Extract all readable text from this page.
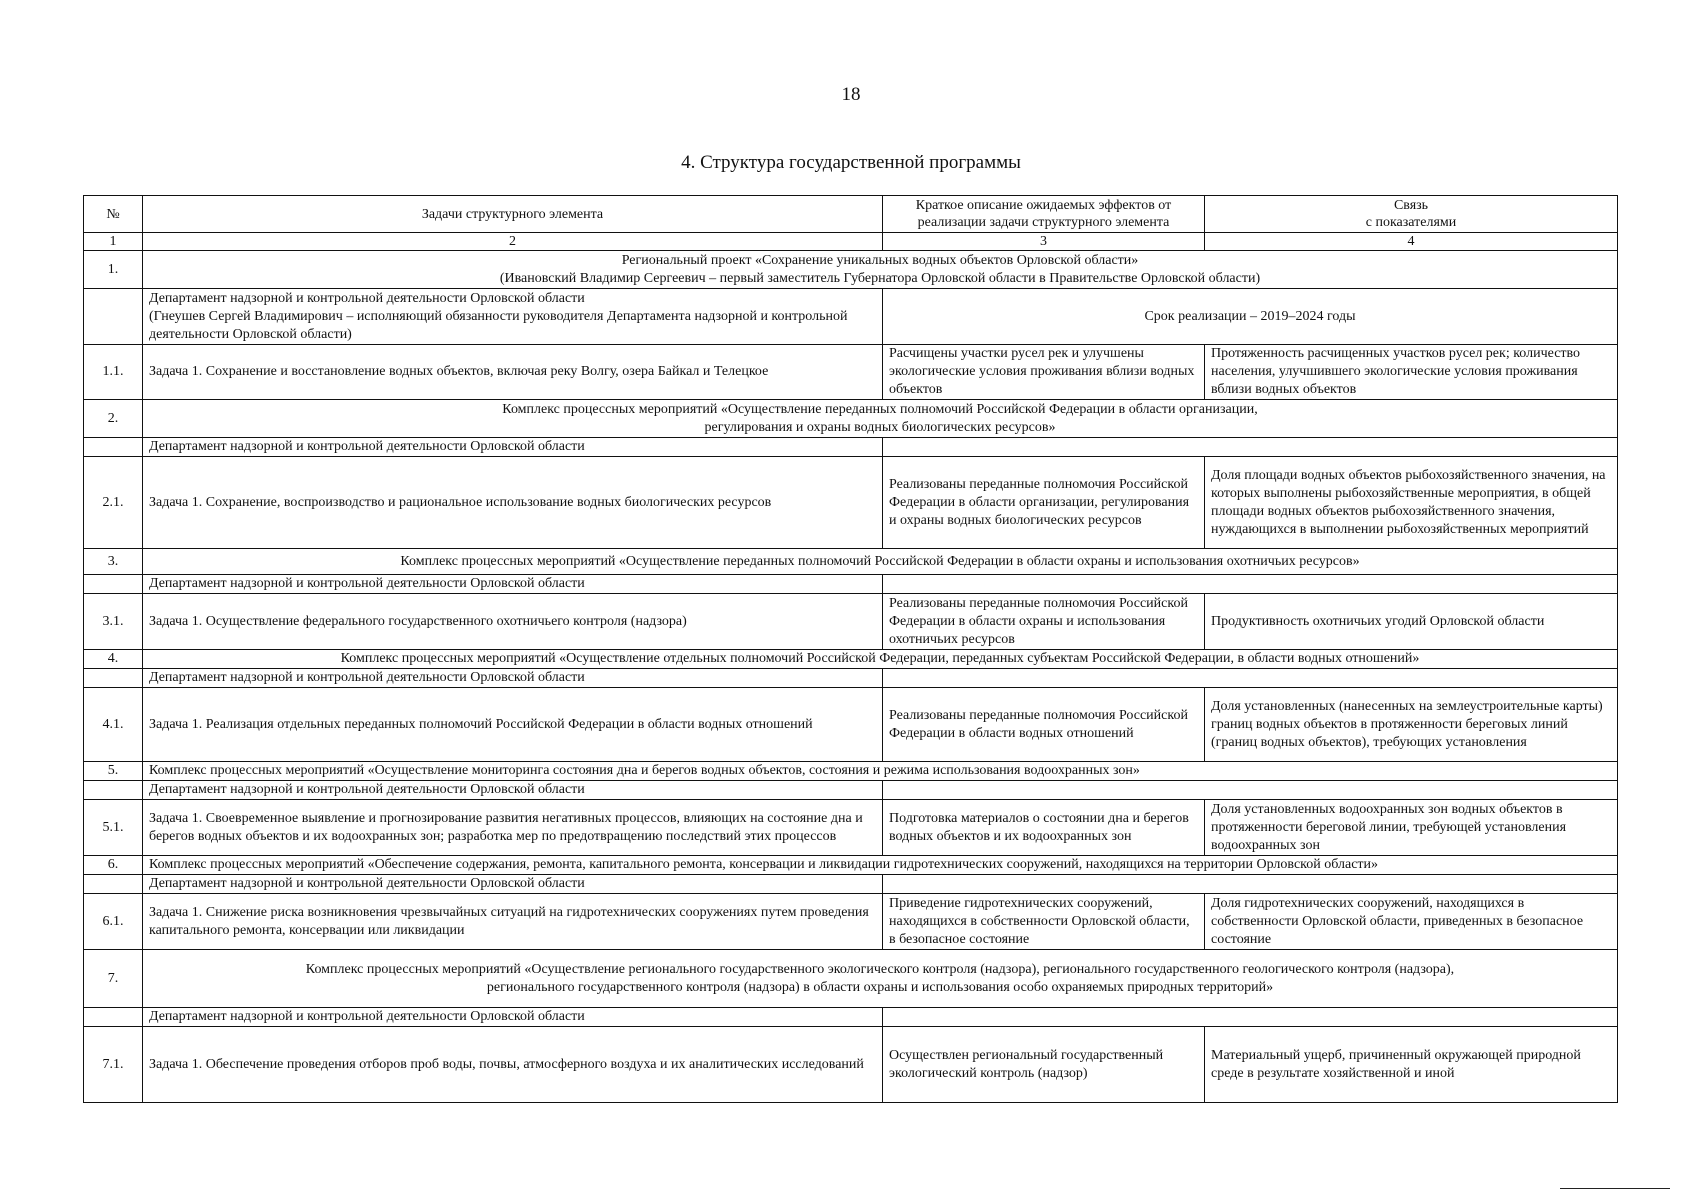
18
4. Структура государственной программы
№	Задачи структурного элемента	Краткое описание ожидаемых эффектов от реализации задачи структурного элемента	Связь
с показателями
1	2	3	4
1.	Региональный проект «Сохранение уникальных водных объектов Орловской области»
(Ивановский Владимир Сергеевич – первый заместитель Губернатора Орловской области в Правительстве Орловской области)		
	Департамент надзорной и контрольной деятельности Орловской области
(Гнеушев Сергей Владимирович – исполняющий обязанности руководителя Департамента надзорной и контрольной деятельности Орловской области)	Срок реализации – 2019–2024 годы	
1.1.	Задача 1. Сохранение и восстановление водных объектов, включая реку Волгу, озера Байкал и Телецкое	Расчищены участки русел рек и улучшены экологические условия проживания вблизи водных объектов	Протяженность расчищенных участков русел рек; количество населения, улучшившего экологические условия проживания вблизи водных объектов
2.	Комплекс процессных мероприятий «Осуществление переданных полномочий Российской Федерации в области организации,
регулирования и охраны водных биологических ресурсов»		
	Департамент надзорной и контрольной деятельности Орловской области		
2.1.	Задача 1. Сохранение, воспроизводство и рациональное использование водных биологических ресурсов	Реализованы переданные полномочия Российской Федерации в области организации, регулирования и охраны водных биологических ресурсов	Доля площади водных объектов рыбохозяйственного значения, на которых выполнены рыбохозяйственные мероприятия, в общей площади водных объектов рыбохозяйственного значения, нуждающихся в выполнении рыбохозяйственных мероприятий
3.	Комплекс процессных мероприятий «Осуществление переданных полномочий Российской Федерации в области охраны и использования охотничьих ресурсов»		
	Департамент надзорной и контрольной деятельности Орловской области		
3.1.	Задача 1. Осуществление федерального государственного охотничьего контроля (надзора)	Реализованы переданные полномочия Российской Федерации в области охраны и использования охотничьих ресурсов	Продуктивность охотничьих угодий Орловской области
4.	Комплекс процессных мероприятий «Осуществление отдельных полномочий Российской Федерации, переданных субъектам Российской Федерации, в области водных отношений»		
	Департамент надзорной и контрольной деятельности Орловской области		
4.1.	Задача 1. Реализация отдельных переданных полномочий Российской Федерации в области водных отношений	Реализованы переданные полномочия Российской Федерации в области водных отношений	Доля установленных (нанесенных на землеустроительные карты) границ водных объектов в протяженности береговых линий (границ водных объектов), требующих установления
5.	Комплекс процессных мероприятий «Осуществление мониторинга состояния дна и берегов водных объектов, состояния и режима использования водоохранных зон»		
	Департамент надзорной и контрольной деятельности Орловской области		
5.1.	Задача 1. Своевременное выявление и прогнозирование развития негативных процессов, влияющих на состояние дна и берегов водных объектов и их водоохранных зон; разработка мер по предотвращению последствий этих процессов	Подготовка материалов о состоянии дна и берегов водных объектов и их водоохранных зон	Доля установленных водоохранных зон водных объектов в протяженности береговой линии, требующей установления водоохранных зон
6.	Комплекс процессных мероприятий «Обеспечение содержания, ремонта, капитального ремонта, консервации и ликвидации гидротехнических сооружений, находящихся на территории Орловской области»		
	Департамент надзорной и контрольной деятельности Орловской области		
6.1.	Задача 1. Снижение риска возникновения чрезвычайных ситуаций на гидротехнических сооружениях путем проведения капитального ремонта, консервации или ликвидации	Приведение гидротехнических сооружений, находящихся в собственности Орловской области, в безопасное состояние	Доля гидротехнических сооружений, находящихся в собственности Орловской области, приведенных в безопасное состояние
7.	Комплекс процессных мероприятий «Осуществление регионального государственного экологического контроля (надзора), регионального государственного геологического контроля (надзора),
регионального государственного контроля (надзора) в области охраны и использования особо охраняемых природных территорий»		
	Департамент надзорной и контрольной деятельности Орловской области		
7.1.	Задача 1. Обеспечение проведения отборов проб воды, почвы, атмосферного воздуха и их аналитических исследований	Осуществлен региональный государственный экологический контроль (надзор)	Материальный ущерб, причиненный окружающей природной среде в результате хозяйственной и иной
